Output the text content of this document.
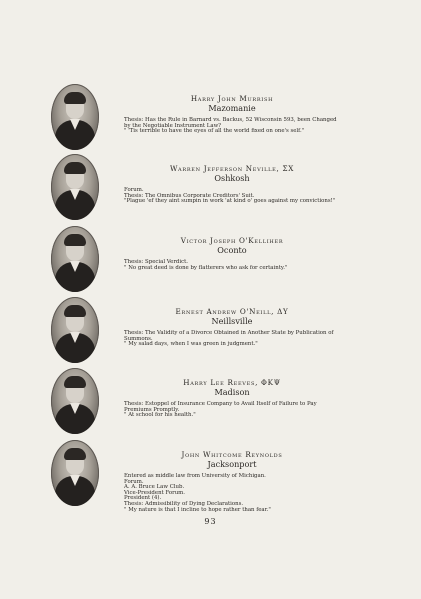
Harry John Murrish

Mazomanie

Thesis: Has the Rule in Barnard vs. Backus, 52 Wisconsin 593, been Changed by the Negotiable Instrument Law?

" 'Tis terrible to have the eyes of all the world fixed on one's self."

Warren Jefferson Neville, ΣΧ

Oshkosh

Forum.

Thesis: The Omnibus Corporate Creditors' Suit.

"Plague 'ef they aint sumpin in work 'at kind o' goes against my convictions!"

Victor Joseph O'Kelliher

Oconto

Thesis: Special Verdict.

" No great deed is done by flatterers who ask for certainty."

Ernest Andrew O'Neill, ΔΥ

Neillsville

Thesis: The Validity of a Divorce Obtained in Another State by Publication of Summons.

" My salad days, when I was green in judgment."

Harry Lee Reeves, ΦΚΨ

Madison

Thesis: Estoppel of Insurance Company to Avail Itself of Failure to Pay Premiums Promptly.

" At school for his health."

John Whitcome Reynolds

Jacksonport

Entered as middle law from University of Michigan.

Forum.

A. A. Bruce Law Club.

Vice-President Forum.

President (4).

Thesis: Admissibility of Dying Declarations.

" My nature is that I incline to hope rather than fear."

93
